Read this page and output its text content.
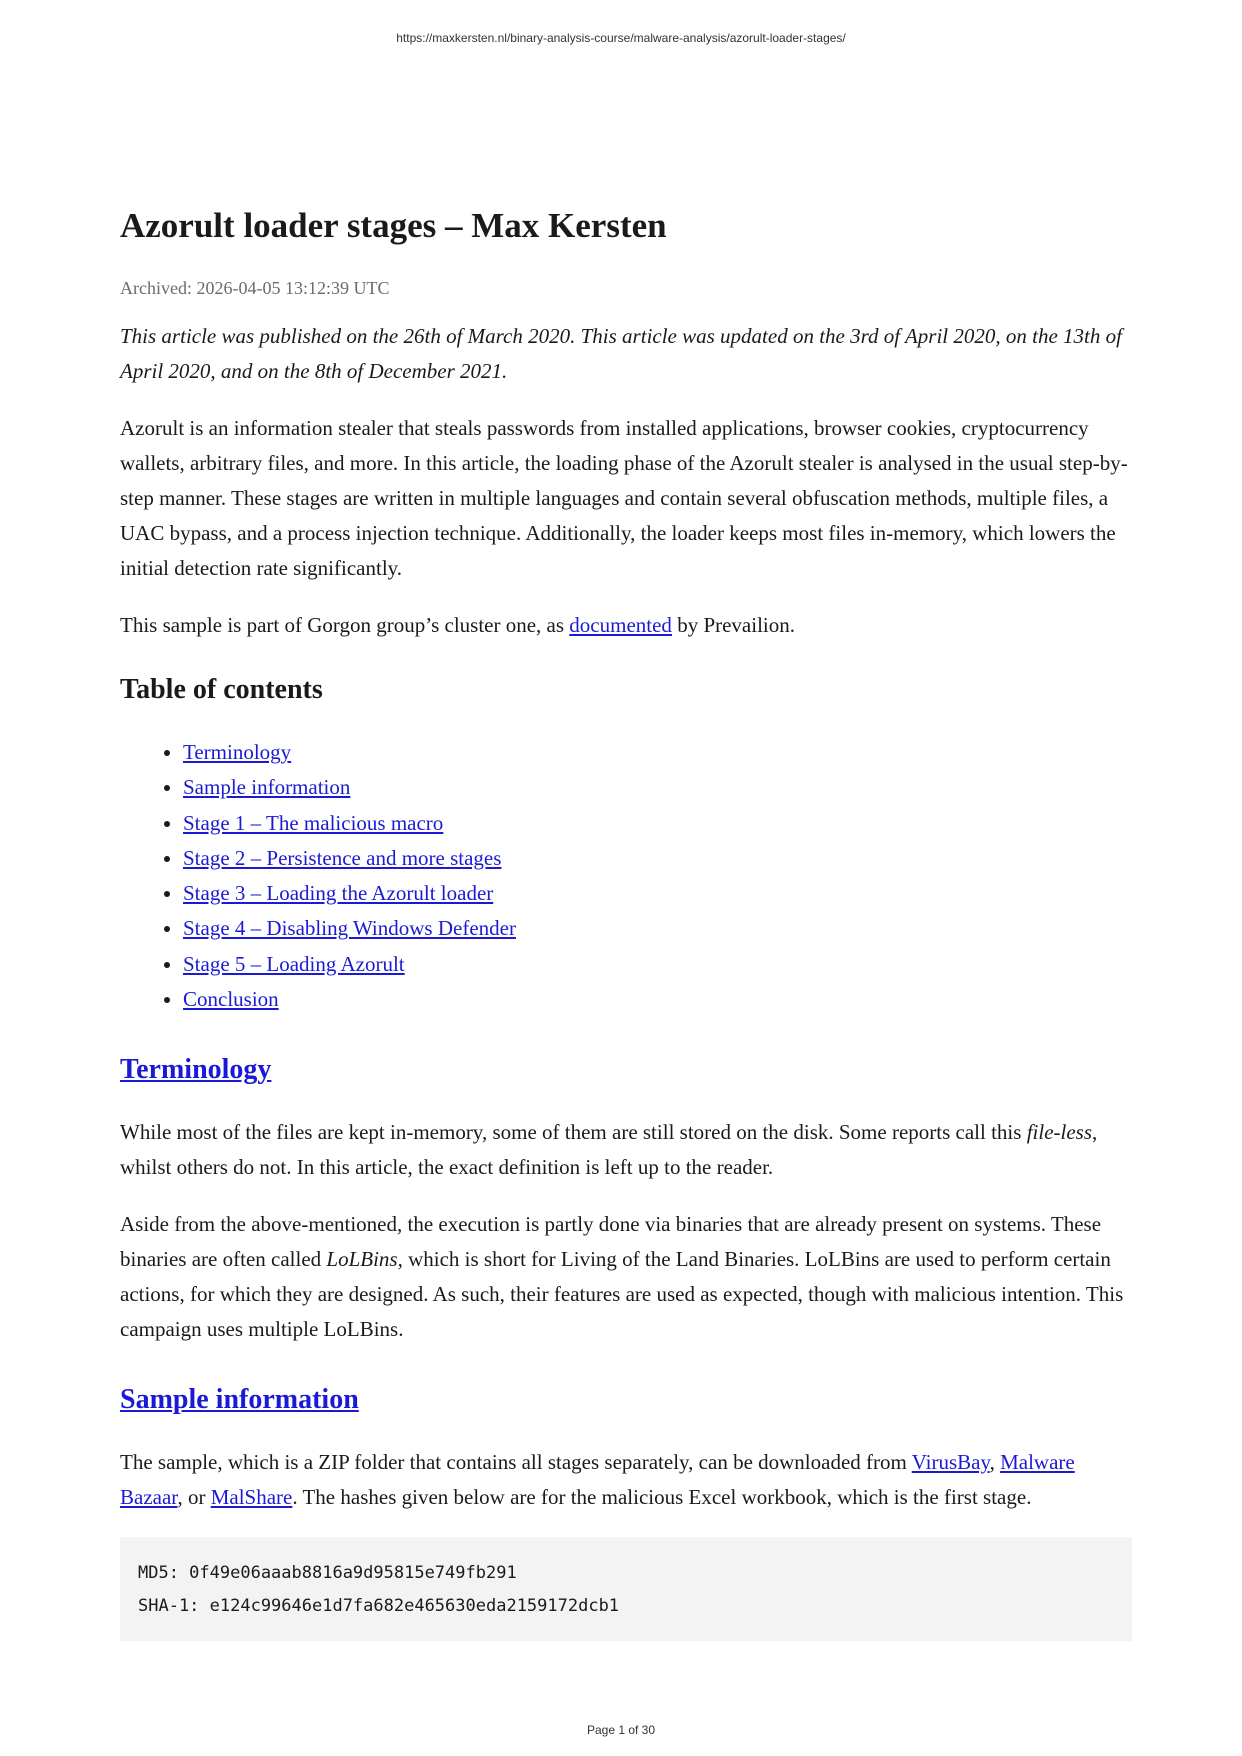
https://maxkersten.nl/binary-analysis-course/malware-analysis/azorult-loader-stages/
Azorult loader stages – Max Kersten
Archived: 2026-04-05 13:12:39 UTC

This article was published on the 26th of March 2020. This article was updated on the 3rd of April 2020, on the 13th of April 2020, and on the 8th of December 2021.

Azorult is an information stealer that steals passwords from installed applications, browser cookies, cryptocurrency wallets, arbitrary files, and more. In this article, the loading phase of the Azorult stealer is analysed in the usual step-by-step manner. These stages are written in multiple languages and contain several obfuscation methods, multiple files, a UAC bypass, and a process injection technique. Additionally, the loader keeps most files in-memory, which lowers the initial detection rate significantly.

This sample is part of Gorgon group’s cluster one, as documented by Prevailion.

Table of contents
• Terminology
• Sample information
• Stage 1 – The malicious macro
• Stage 2 – Persistence and more stages
• Stage 3 – Loading the Azorult loader
• Stage 4 – Disabling Windows Defender
• Stage 5 – Loading Azorult
• Conclusion
Terminology

While most of the files are kept in-memory, some of them are still stored on the disk. Some reports call this file-less, whilst others do not. In this article, the exact definition is left up to the reader.

Aside from the above-mentioned, the execution is partly done via binaries that are already present on systems. These binaries are often called LoLBins, which is short for Living of the Land Binaries. LoLBins are used to perform certain actions, for which they are designed. As such, their features are used as expected, though with malicious intention. This campaign uses multiple LoLBins.

Sample information

The sample, which is a ZIP folder that contains all stages separately, can be downloaded from VirusBay, Malware Bazaar, or MalShare. The hashes given below are for the malicious Excel workbook, which is the first stage.

MD5: 0f49e06aaab8816a9d95815e749fb291
SHA-1: e124c99646e1d7fa682e465630eda2159172dcb1
Page 1 of 30
